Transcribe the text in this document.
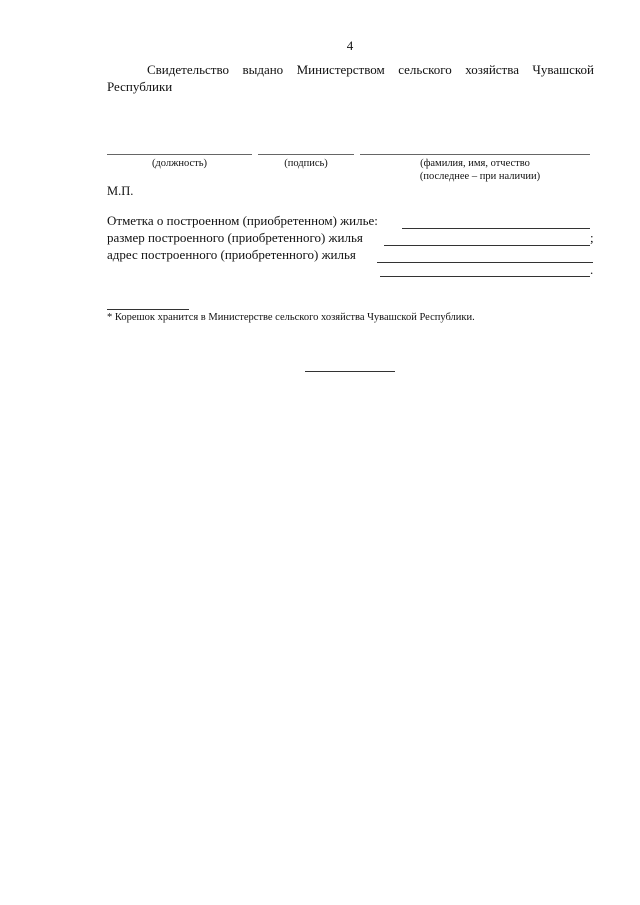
4
Свидетельство выдано Министерством сельского хозяйства Чувашской
Республики
(должность)	(подпись)	(фамилия, имя, отчество
(последнее – при наличии)
М.П.
Отметка о построенном (приобретенном) жилье:
размер построенного (приобретенного) жилья	;
адрес построенного (приобретенного) жилья
.
* Корешок хранится в Министерстве сельского хозяйства Чувашской Республики.
